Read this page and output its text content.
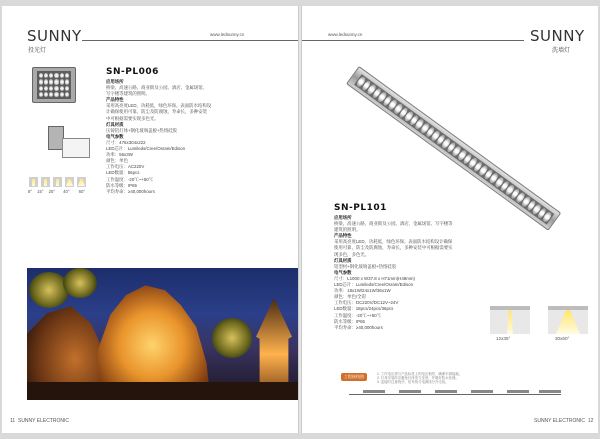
SUNNY
投光灯
www.ledsunny.cn
SN-PL006
应用场所
桥梁、高速公路、商业街及公园、酒店、金属场馆、
写字楼等建筑的照明。
产品特性
采用高亮度LED，功耗低，绿色环保。表面防水结构设
计确保使用可靠，防尘及防腐蚀，寿命长，多种安装
中可根据需要实现多色光。
灯具材质
压铸铝灯体+钢化玻璃盖板+热熔硅胶
电气参数
尺寸：476x304x222
LED芯片：Lumileds/Cree/Osram/Edison
功率：56x3W
颜色：单色
工作电压：AC220V
LED数量：56pcs
工作温度：-20℃~+50℃
防水等级：IP65
平均寿命：≥40,000hours
8° 15° 25° 40° 60°
11 SUNNY ELECTRONIC
www.ledsunny.cn	SUNNY
洗墙灯
SN-PL101
应用场所
桥梁、高速公路、商业街及公园、酒店、金属场馆、写字楼等
建筑的照明。
产品特性
采用高亮度LED，功耗低，绿色环保。表面防水结构设计确保
使用可靠，防尘及防腐蚀，寿命长，多种安装中可根据需要实
现多色，多色光。
灯具材质
铝型材+钢化玻璃盖板+热熔硅胶
电气参数
尺寸：L1000 x W37.8 x H71mm(H48mm)
LED芯片：Lumileds/Cree/Osram/Edison
功率：18x1W/24x1W/36x1W
颜色：单色/全彩
工作电压：DC220V/DC12V~24V
LED数量：18pcs/24pcs/36pcs
工作温度：-20℃~+50℃
防水等级：IP65
平均寿命：≥40,000hours
12x35°	30x60°
工程接线图	1. 工作电压需与产品标签上的电压相符，确保牢固接地。
2. 灯具安装时应避免灯体受力变形，并做好防水处理。
3. 连接时注意线序，信号线与电源线分开走线。
SUNNY ELECTRONIC 12
